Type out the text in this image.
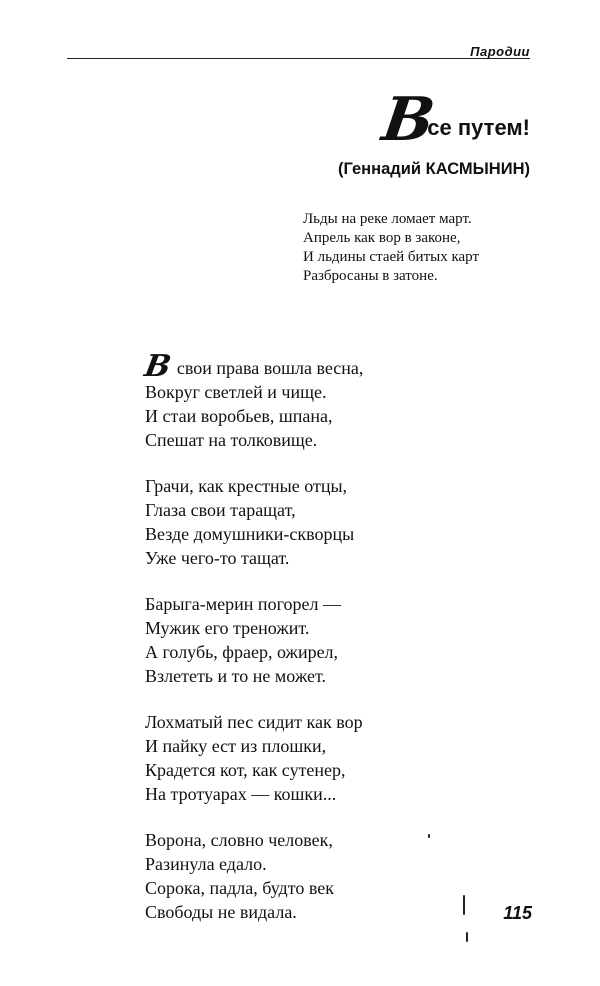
Пародии
В
се путем!
(Геннадий КАСМЫНИН)
Льды на реке ломает март.
Апрель как вор в законе,
И льдины стаей битых карт
Разбросаны в затоне.
В свои права вошла весна,
Вокруг светлей и чище.
И стаи воробьев, шпана,
Спешат на толковище.
Грачи, как крестные отцы,
Глаза свои таращат,
Везде домушники-скворцы
Уже чего-то тащат.
Барыга-мерин погорел —
Мужик его треножит.
А голубь, фраер, ожирел,
Взлететь и то не может.
Лохматый пес сидит как вор
И пайку ест из плошки,
Крадется кот, как сутенер,
На тротуарах — кошки...
Ворона, словно человек,
Разинула едало.
Сорока, падла, будто век
Свободы не видала.	115
